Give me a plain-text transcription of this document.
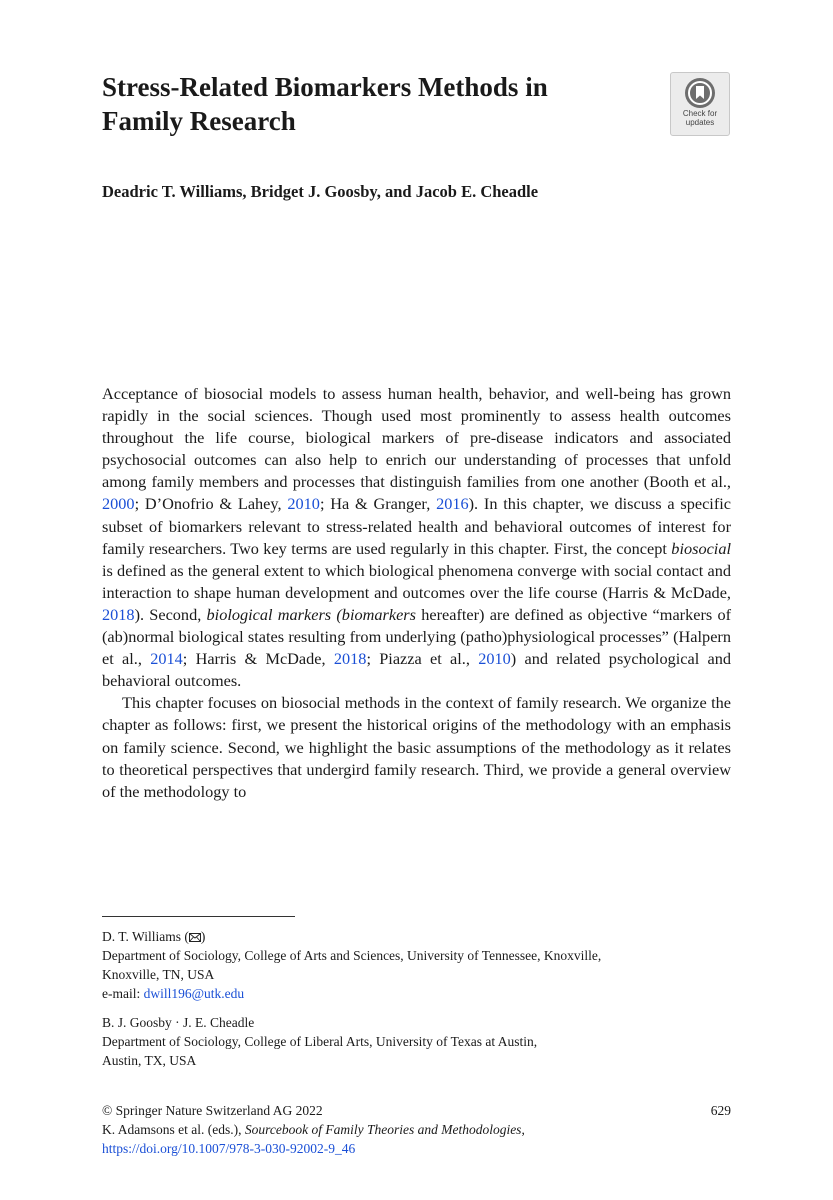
Stress-Related Biomarkers Methods in Family Research	Check for
updates

Deadric T. Williams, Bridget J. Goosby, and Jacob E. Cheadle

Acceptance of biosocial models to assess human health, behavior, and well-being has grown rapidly in the social sciences. Though used most prominently to assess health outcomes throughout the life course, biological markers of pre-disease indicators and associated psychosocial outcomes can also help to enrich our understanding of processes that unfold among family members and processes that distinguish families from one another (Booth et al., 2000; D’Onofrio & Lahey, 2010; Ha & Granger, 2016). In this chapter, we discuss a specific subset of biomarkers relevant to stress-related health and behavioral outcomes of interest for family researchers. Two key terms are used regularly in this chapter. First, the concept biosocial is defined as the general extent to which biological phenomena converge with social contact and interaction to shape human development and outcomes over the life course (Harris & McDade, 2018). Second, biological markers (biomarkers hereafter) are defined as objective “markers of (ab)normal biological states resulting from underlying (patho)physiological processes” (Halpern et al., 2014; Harris & McDade, 2018; Piazza et al., 2010) and related psychological and behavioral outcomes.

This chapter focuses on biosocial methods in the context of family research. We organize the chapter as follows: first, we present the historical origins of the methodology with an emphasis on family science. Second, we highlight the basic assumptions of the methodology as it relates to theoretical perspectives that undergird family research. Third, we provide a general overview of the methodology to

D. T. Williams ( )
Department of Sociology, College of Arts and Sciences, University of Tennessee, Knoxville,
Knoxville, TN, USA
e-mail: dwill196@utk.edu
B. J. Goosby · J. E. Cheadle
Department of Sociology, College of Liberal Arts, University of Texas at Austin,
Austin, TX, USA
© Springer Nature Switzerland AG 2022
K. Adamsons et al. (eds.), Sourcebook of Family Theories and Methodologies,
https://doi.org/10.1007/978-3-030-92002-9_46
629
